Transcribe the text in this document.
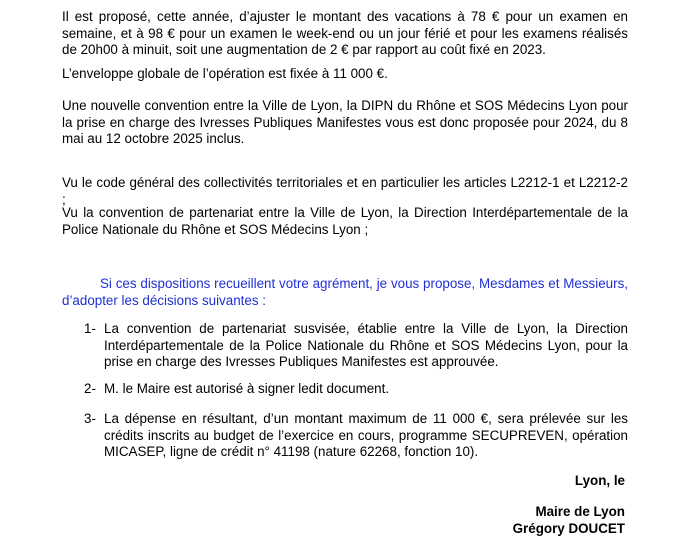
Il est proposé, cette année, d’ajuster le montant des vacations à 78 € pour un examen en semaine, et à 98 € pour un examen le week-end ou un jour férié et pour les examens réalisés de 20h00 à minuit, soit une augmentation de 2 € par rapport au coût fixé en 2023.

L’enveloppe globale de l’opération est fixée à 11 000 €.

Une nouvelle convention entre la Ville de Lyon, la DIPN du Rhône et SOS Médecins Lyon pour la prise en charge des Ivresses Publiques Manifestes vous est donc proposée pour 2024, du 8 mai au 12 octobre 2025 inclus.

Vu le code général des collectivités territoriales et en particulier les articles L2212-1 et L2212-2 ;

Vu la convention de partenariat entre la Ville de Lyon, la Direction Interdépartementale de la Police Nationale du Rhône et SOS Médecins Lyon ;

Si ces dispositions recueillent votre agrément, je vous propose, Mesdames et Messieurs, d’adopter les décisions suivantes :

1- La convention de partenariat susvisée, établie entre la Ville de Lyon, la Direction Interdépartementale de la Police Nationale du Rhône et SOS Médecins Lyon, pour la prise en charge des Ivresses Publiques Manifestes est approuvée.
2- M. le Maire est autorisé à signer ledit document.
3- La dépense en résultant, d’un montant maximum de 11 000 €, sera prélevée sur les crédits inscrits au budget de l’exercice en cours, programme SECUPREVEN, opération MICASEP, ligne de crédit n° 41198 (nature 62268, fonction 10).
Lyon, le
Maire de Lyon
Grégory DOUCET
